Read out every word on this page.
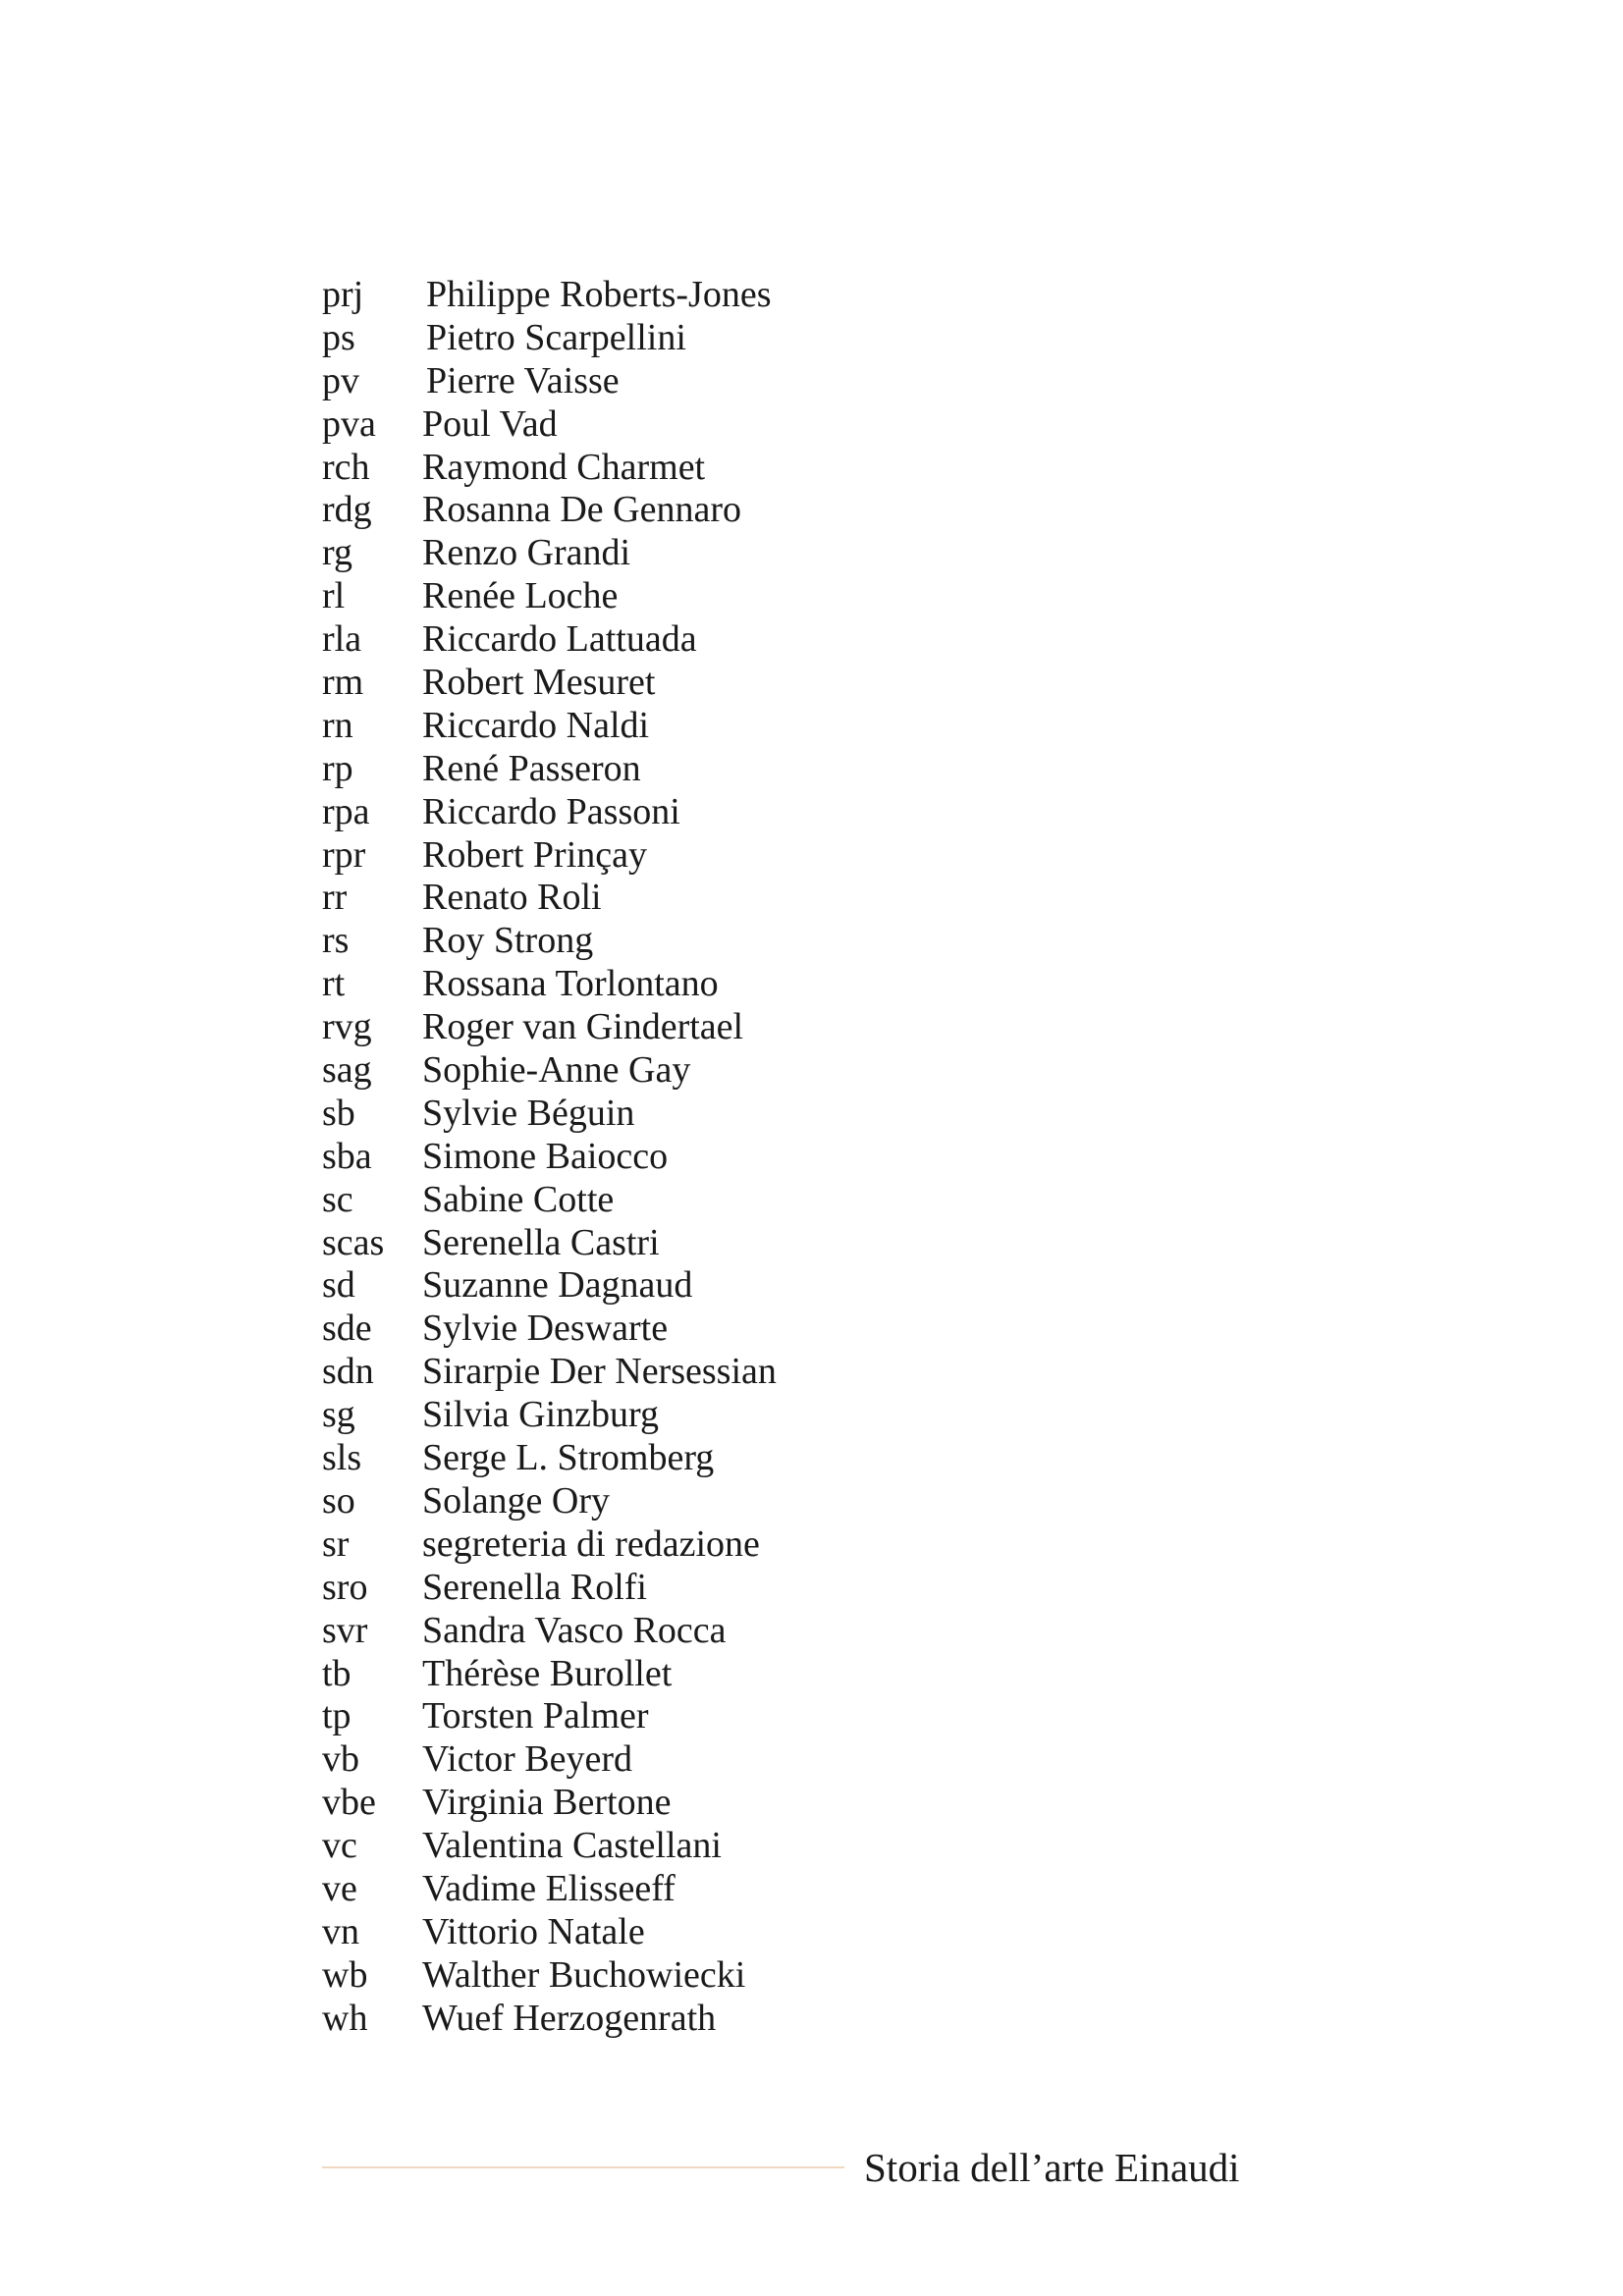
prj	Philippe Roberts-Jones
ps	Pietro Scarpellini
pv	Pierre Vaisse
pva	Poul Vad
rch	Raymond Charmet
rdg	Rosanna De Gennaro
rg	Renzo Grandi
rl	Renée Loche
rla	Riccardo Lattuada
rm	Robert Mesuret
rn	Riccardo Naldi
rp	René Passeron
rpa	Riccardo Passoni
rpr	Robert Prinçay
rr	Renato Roli
rs	Roy Strong
rt	Rossana Torlontano
rvg	Roger van Gindertael
sag	Sophie-Anne Gay
sb	Sylvie Béguin
sba	Simone Baiocco
sc	Sabine Cotte
scas	Serenella Castri
sd	Suzanne Dagnaud
sde	Sylvie Deswarte
sdn	Sirarpie Der Nersessian
sg	Silvia Ginzburg
sls	Serge L. Stromberg
so	Solange Ory
sr	segreteria di redazione
sro	Serenella Rolfi
svr	Sandra Vasco Rocca
tb	Thérèse Burollet
tp	Torsten Palmer
vb	Victor Beyerd
vbe	Virginia Bertone
vc	Valentina Castellani
ve	Vadime Elisseeff
vn	Vittorio Natale
wb	Walther Buchowiecki
wh	Wuef Herzogenrath
Storia dell’arte Einaudi
